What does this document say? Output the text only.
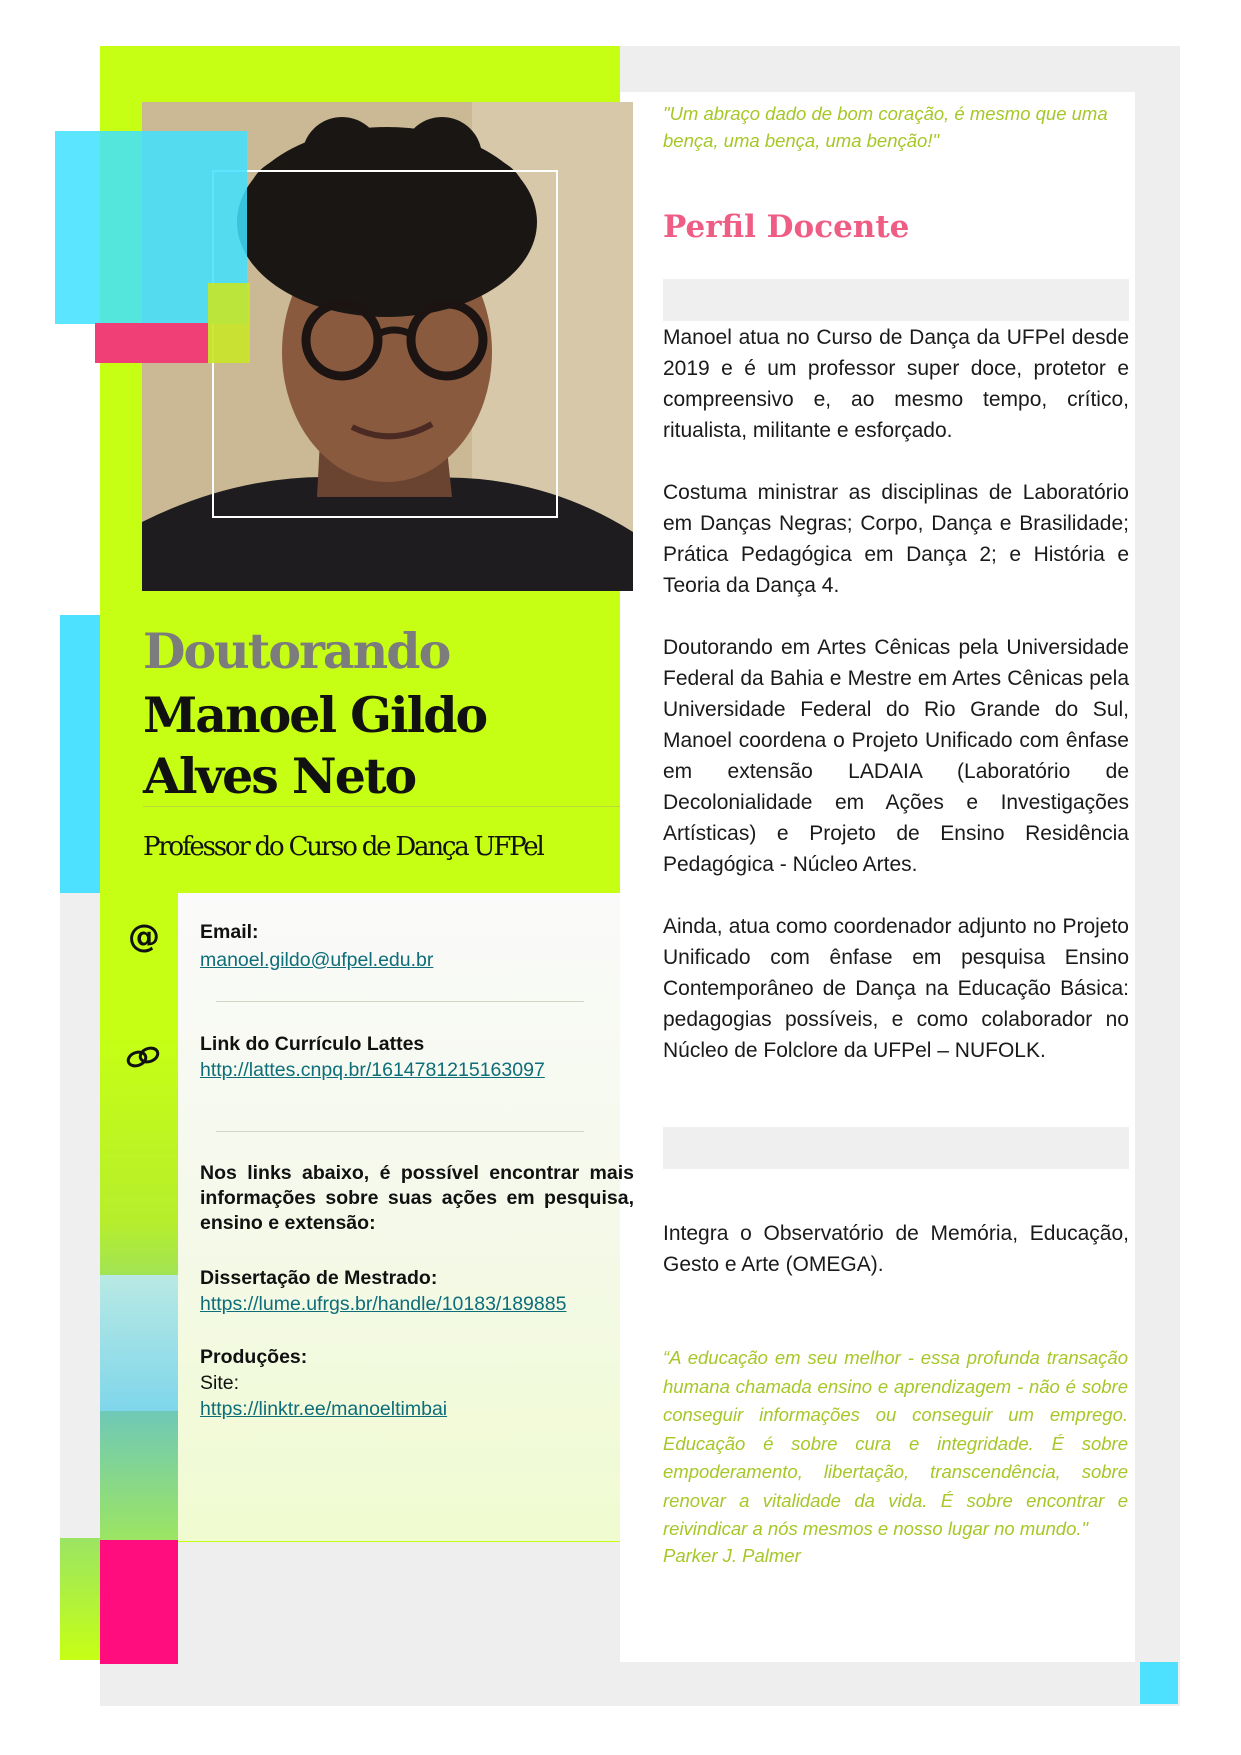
Doutorando
Manoel Gildo
Alves Neto
Professor do Curso de Dança UFPel
@ Email:
manoel.gildo@ufpel.edu.br
Link do Currículo Lattes
http://lattes.cnpq.br/1614781215163097
Nos links abaixo, é possível encontrar mais informações sobre suas ações em pesquisa, ensino e extensão:
Dissertação de Mestrado:
https://lume.ufrgs.br/handle/10183/189885
Produções:
Site:
https://linktr.ee/manoeltimbai
"Um abraço dado de bom coração, é mesmo que uma bença, uma bença, uma benção!"
Perfil Docente
Manoel atua no Curso de Dança da UFPel desde 2019 e é um professor super doce, protetor e compreensivo e, ao mesmo tempo, crítico, ritualista, militante e esforçado.
Costuma ministrar as disciplinas de Laboratório em Danças Negras; Corpo, Dança e Brasilidade; Prática Pedagógica em Dança 2; e História e Teoria da Dança 4.
Doutorando em Artes Cênicas pela Universidade Federal da Bahia e Mestre em Artes Cênicas pela Universidade Federal do Rio Grande do Sul, Manoel coordena o Projeto Unificado com ênfase em extensão LADAIA (Laboratório de Decolonialidade em Ações e Investigações Artísticas) e Projeto de Ensino Residência Pedagógica - Núcleo Artes.
Ainda, atua como coordenador adjunto no Projeto Unificado com ênfase em pesquisa Ensino Contemporâneo de Dança na Educação Básica: pedagogias possíveis, e como colaborador no Núcleo de Folclore da UFPel – NUFOLK.
Integra o Observatório de Memória, Educação, Gesto e Arte (OMEGA).
“A educação em seu melhor - essa profunda transação humana chamada ensino e aprendizagem - não é sobre conseguir informações ou conseguir um emprego. Educação é sobre cura e integridade. É sobre empoderamento, libertação, transcendência, sobre renovar a vitalidade da vida. É sobre encontrar e reivindicar a nós mesmos e nosso lugar no mundo."
Parker J. Palmer
